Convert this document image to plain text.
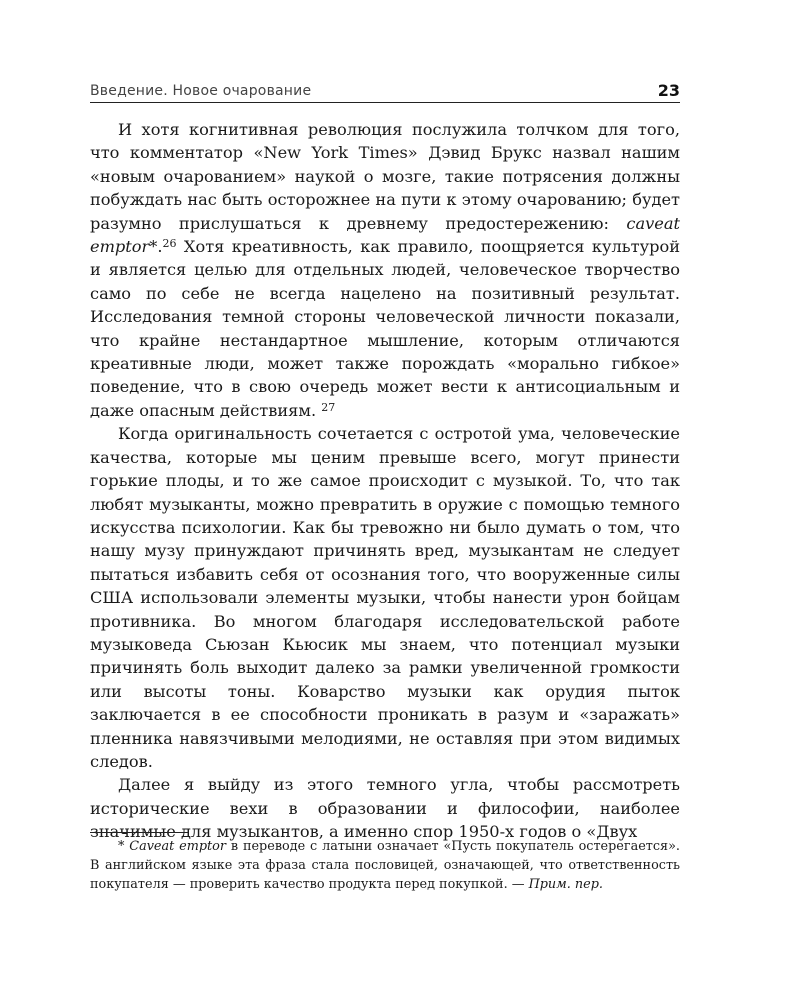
Введение. Новое очарование	23

И хотя когнитивная революция послужила толчком для того, что комментатор «New York Times» Дэвид Брукс назвал нашим «новым очарованием» наукой о мозге, такие потрясения должны побуждать нас быть осторожнее на пути к этому очарованию; будет разумно прислушаться к древнему предостережению: caveat emptor*.$^{26}$ Хотя креативность, как правило, поощряется культурой и является целью для отдельных людей, человеческое творчество само по себе не всегда нацелено на позитивный результат. Исследования темной стороны человеческой личности показали, что крайне нестандартное мышление, которым отличаются креативные люди, может также порождать «морально гибкое» поведение, что в свою очередь может вести к антисоциальным и даже опасным действиям. $^{27}$

Когда оригинальность сочетается с остротой ума, человеческие качества, которые мы ценим превыше всего, могут принести горькие плоды, и то же самое происходит с музыкой. То, что так любят музыканты, можно превратить в оружие с помощью темного искусства психологии. Как бы тревожно ни было думать о том, что нашу музу принуждают причинять вред, музыкантам не следует пытаться избавить себя от осознания того, что вооруженные силы США использовали элементы музыки, чтобы нанести урон бойцам противника. Во многом благодаря исследовательской работе музыковеда Сьюзан Кьюсик мы знаем, что потенциал музыки причинять боль выходит далеко за рамки увеличенной громкости или высоты тоны. Коварство музыки как орудия пыток заключается в ее способности проникать в разум и «заражать» пленника навязчивыми мелодиями, не оставляя при этом видимых следов.

Далее я выйду из этого темного угла, чтобы рассмотреть исторические вехи в образовании и философии, наиболее значимые для музыкантов, а именно спор 1950-х годов о «Двух

* Caveat emptor в переводе с латыни означает «Пусть покупатель остерегается». В английском языке эта фраза стала пословицей, означающей, что ответственность покупателя — проверить качество продукта перед покупкой. — Прим. пер.
